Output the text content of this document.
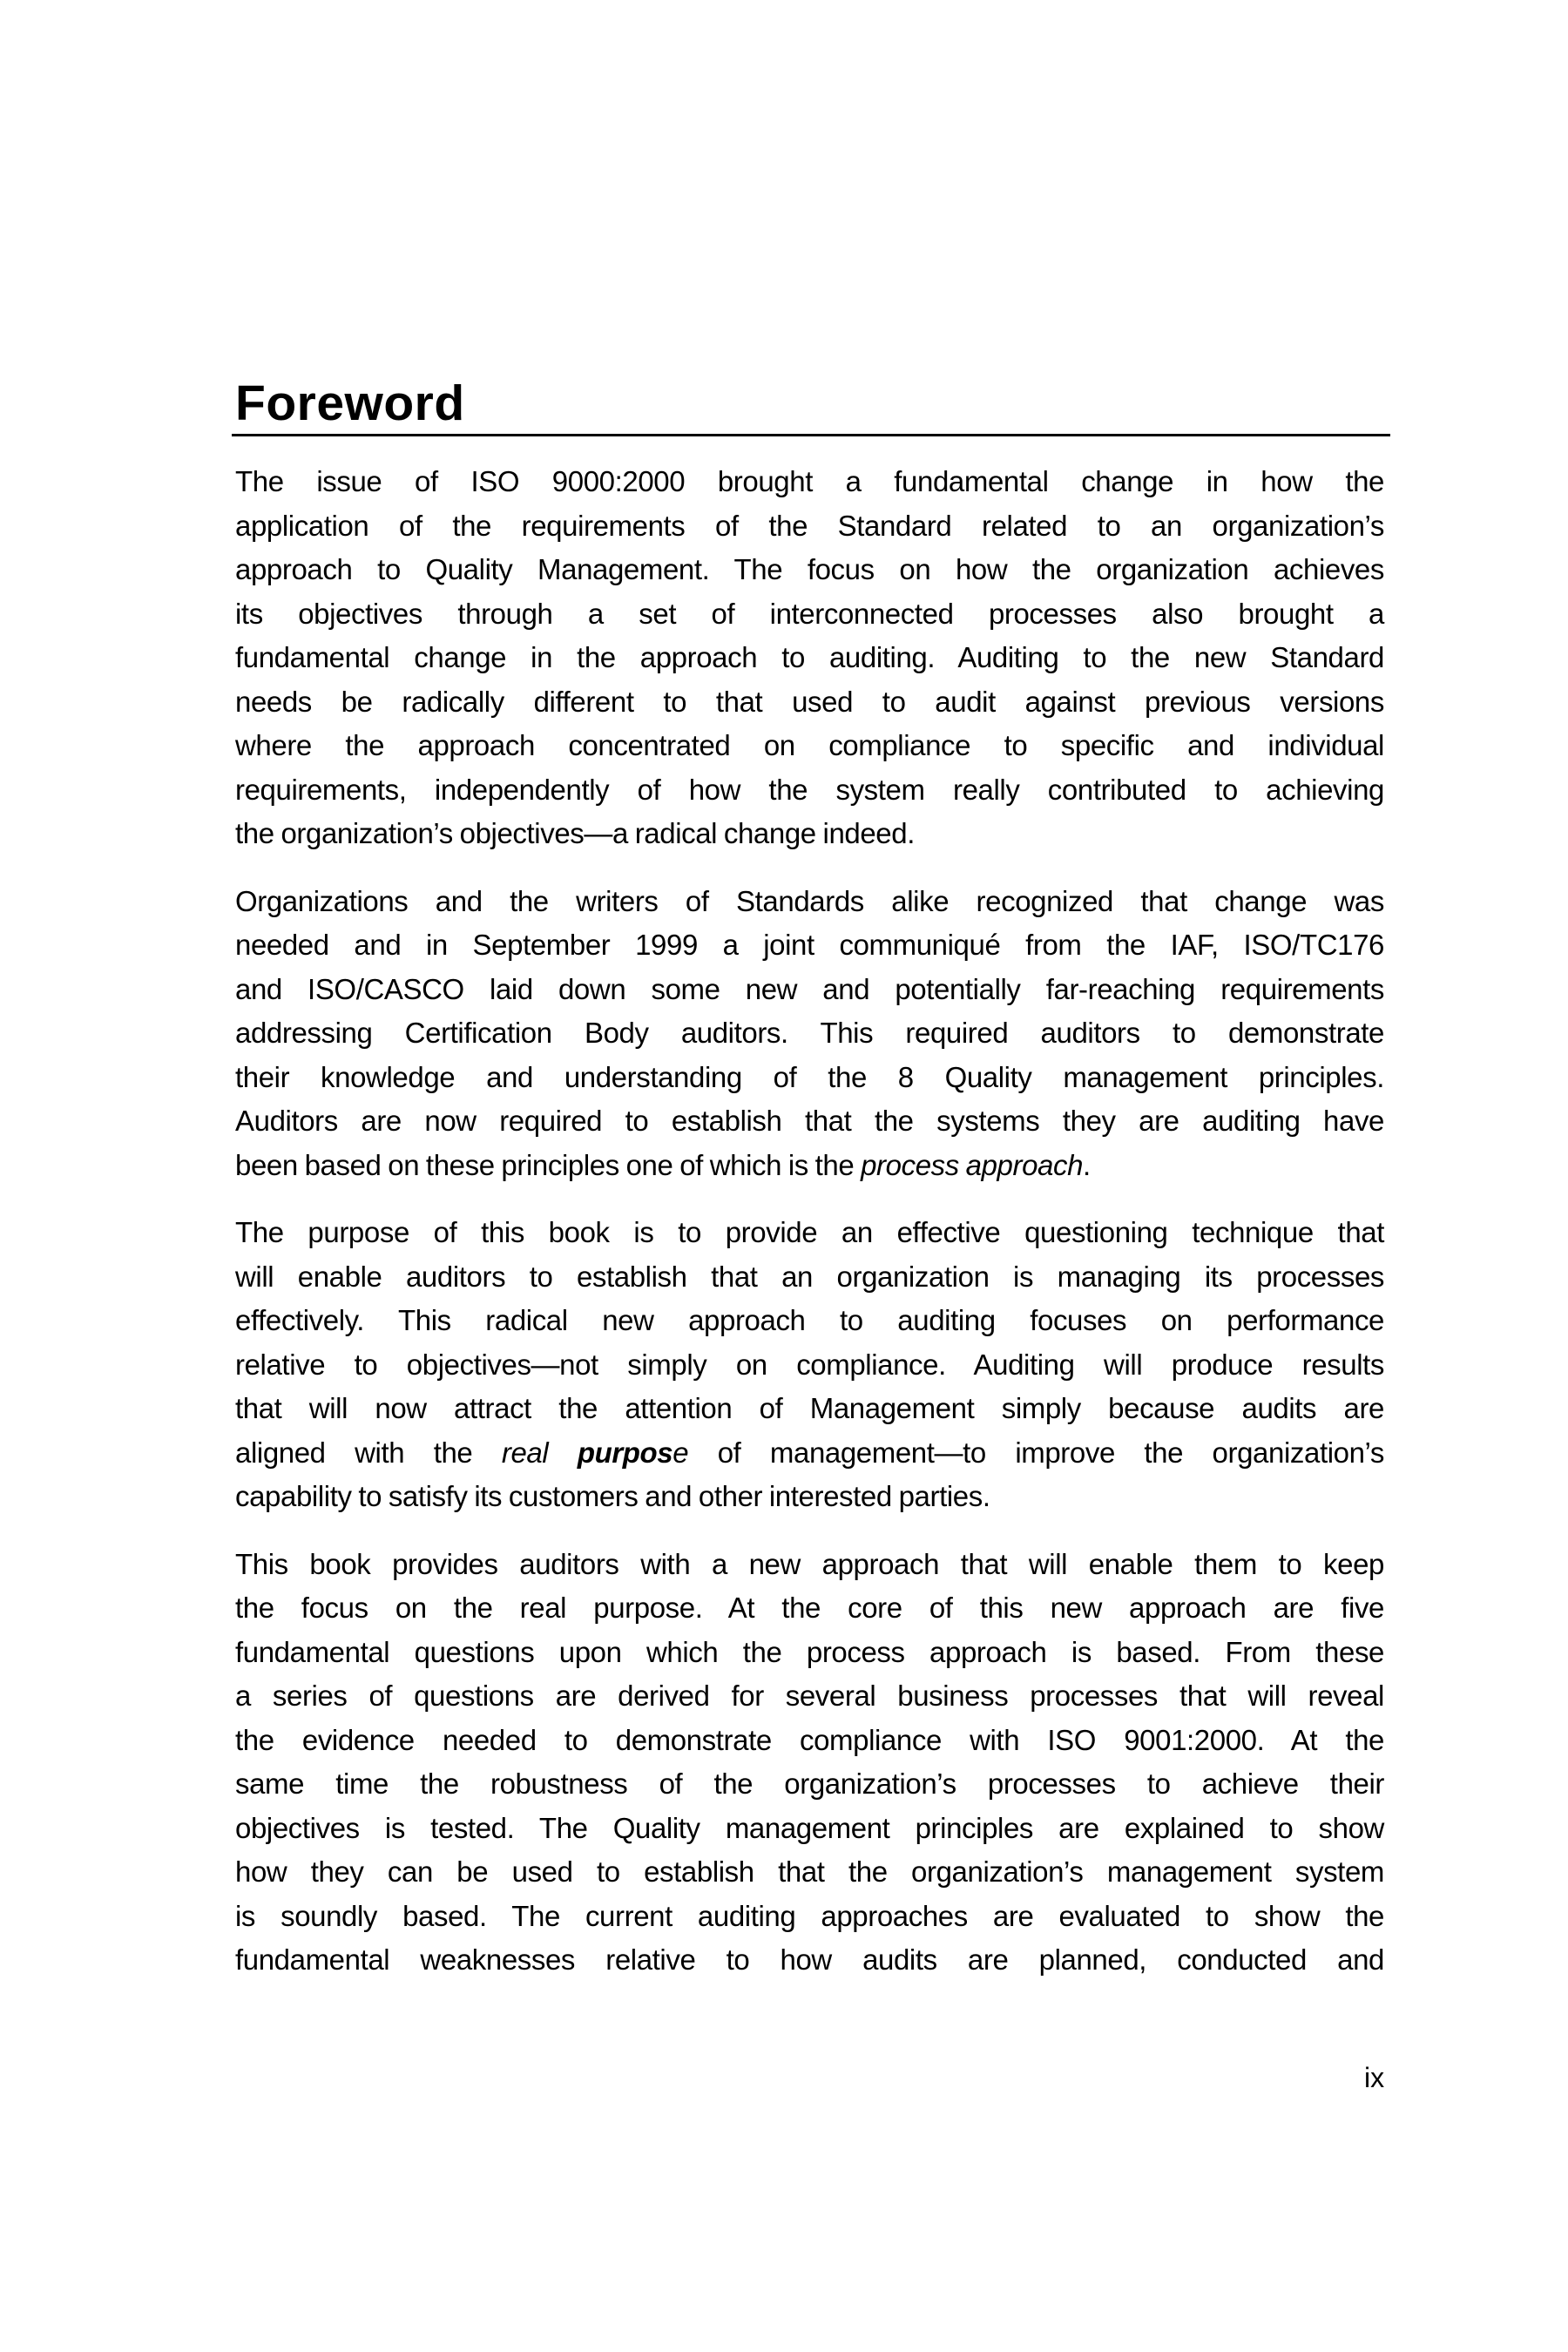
Foreword
The issue of ISO 9000:2000 brought a fundamental change in how the
application of the requirements of the Standard related to an organization’s
approach to Quality Management. The focus on how the organization achieves
its objectives through a set of interconnected processes also brought a
fundamental change in the approach to auditing. Auditing to the new Standard
needs be radically different to that used to audit against previous versions
where the approach concentrated on compliance to specific and individual
requirements, independently of how the system really contributed to achieving
the organization’s objectives—a radical change indeed.
Organizations and the writers of Standards alike recognized that change was
needed and in September 1999 a joint communiqué from the IAF, ISO/TC176
and ISO/CASCO laid down some new and potentially far-reaching requirements
addressing Certification Body auditors. This required auditors to demonstrate
their knowledge and understanding of the 8 Quality management principles.
Auditors are now required to establish that the systems they are auditing have
been based on these principles one of which is the process approach.
The purpose of this book is to provide an effective questioning technique that
will enable auditors to establish that an organization is managing its processes
effectively. This radical new approach to auditing focuses on performance
relative to objectives—not simply on compliance. Auditing will produce results
that will now attract the attention of Management simply because audits are
aligned with the real purpose of management—to improve the organization’s
capability to satisfy its customers and other interested parties.
This book provides auditors with a new approach that will enable them to keep
the focus on the real purpose. At the core of this new approach are five
fundamental questions upon which the process approach is based. From these
a series of questions are derived for several business processes that will reveal
the evidence needed to demonstrate compliance with ISO 9001:2000. At the
same time the robustness of the organization’s processes to achieve their
objectives is tested. The Quality management principles are explained to show
how they can be used to establish that the organization’s management system
is soundly based. The current auditing approaches are evaluated to show the
fundamental weaknesses relative to how audits are planned, conducted and
ix
